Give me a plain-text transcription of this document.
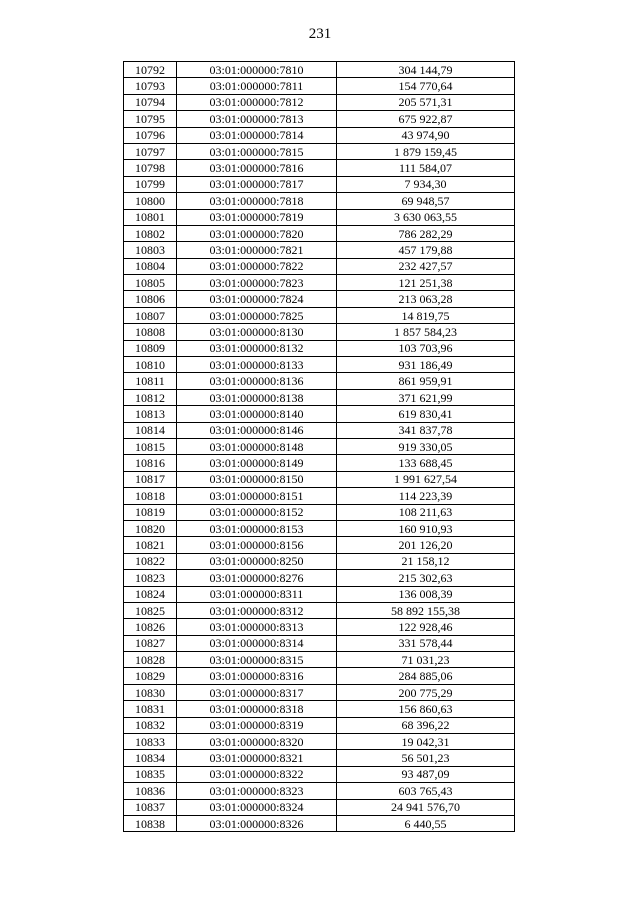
231
10792	03:01:000000:7810	304 144,79
10793	03:01:000000:7811	154 770,64
10794	03:01:000000:7812	205 571,31
10795	03:01:000000:7813	675 922,87
10796	03:01:000000:7814	43 974,90
10797	03:01:000000:7815	1 879 159,45
10798	03:01:000000:7816	111 584,07
10799	03:01:000000:7817	7 934,30
10800	03:01:000000:7818	69 948,57
10801	03:01:000000:7819	3 630 063,55
10802	03:01:000000:7820	786 282,29
10803	03:01:000000:7821	457 179,88
10804	03:01:000000:7822	232 427,57
10805	03:01:000000:7823	121 251,38
10806	03:01:000000:7824	213 063,28
10807	03:01:000000:7825	14 819,75
10808	03:01:000000:8130	1 857 584,23
10809	03:01:000000:8132	103 703,96
10810	03:01:000000:8133	931 186,49
10811	03:01:000000:8136	861 959,91
10812	03:01:000000:8138	371 621,99
10813	03:01:000000:8140	619 830,41
10814	03:01:000000:8146	341 837,78
10815	03:01:000000:8148	919 330,05
10816	03:01:000000:8149	133 688,45
10817	03:01:000000:8150	1 991 627,54
10818	03:01:000000:8151	114 223,39
10819	03:01:000000:8152	108 211,63
10820	03:01:000000:8153	160 910,93
10821	03:01:000000:8156	201 126,20
10822	03:01:000000:8250	21 158,12
10823	03:01:000000:8276	215 302,63
10824	03:01:000000:8311	136 008,39
10825	03:01:000000:8312	58 892 155,38
10826	03:01:000000:8313	122 928,46
10827	03:01:000000:8314	331 578,44
10828	03:01:000000:8315	71 031,23
10829	03:01:000000:8316	284 885,06
10830	03:01:000000:8317	200 775,29
10831	03:01:000000:8318	156 860,63
10832	03:01:000000:8319	68 396,22
10833	03:01:000000:8320	19 042,31
10834	03:01:000000:8321	56 501,23
10835	03:01:000000:8322	93 487,09
10836	03:01:000000:8323	603 765,43
10837	03:01:000000:8324	24 941 576,70
10838	03:01:000000:8326	6 440,55
